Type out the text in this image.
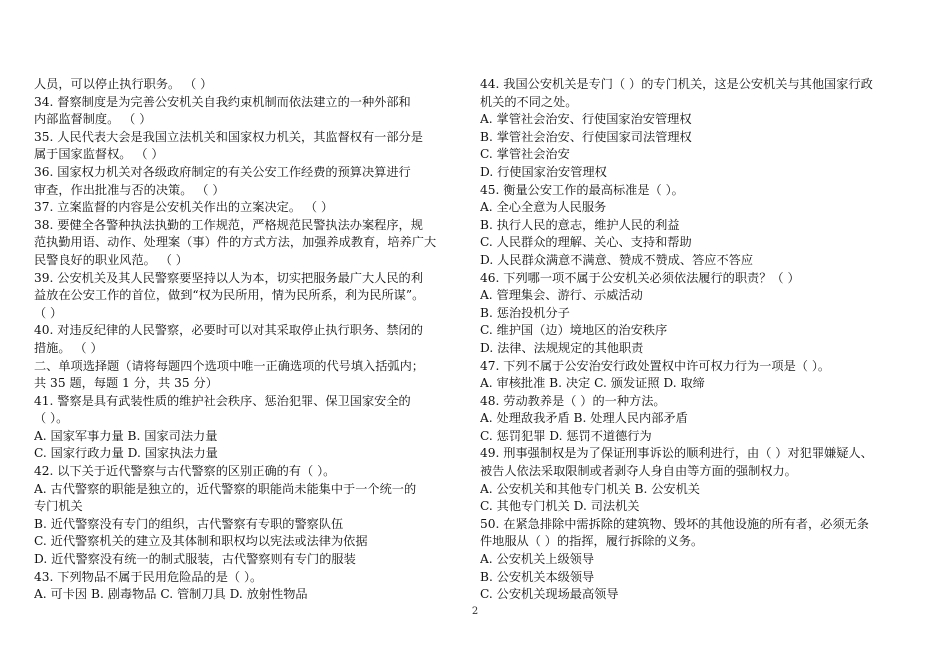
人员，可以停止执行职务。 （ ）
34. 督察制度是为完善公安机关自我约束机制而依法建立的一种外部和
内部监督制度。 （ ）
35. 人民代表大会是我国立法机关和国家权力机关，其监督权有一部分是
属于国家监督权。 （ ）
36. 国家权力机关对各级政府制定的有关公安工作经费的预算决算进行
审查，作出批准与否的决策。 （ ）
37. 立案监督的内容是公安机关作出的立案决定。 （ ）
38. 要健全各警种执法执勤的工作规范，严格规范民警执法办案程序，规
范执勤用语、动作、处理案（事）件的方式方法，加强养成教育，培养广大
民警良好的职业风范。 （ ）
39. 公安机关及其人民警察要坚持以人为本，切实把服务最广大人民的利
益放在公安工作的首位，做到“权为民所用，情为民所系，利为民所谋”。
（ ）
40. 对违反纪律的人民警察，必要时可以对其采取停止执行职务、禁闭的
措施。 （ ）
二、单项选择题（请将每题四个选项中唯一正确选项的代号填入括弧内；
共 35 题，每题 1 分，共 35 分）
41. 警察是具有武装性质的维护社会秩序、惩治犯罪、保卫国家安全的
（ ）。
A. 国家军事力量 B. 国家司法力量
C. 国家行政力量 D. 国家执法力量
42. 以下关于近代警察与古代警察的区别正确的有（ ）。
A. 古代警察的职能是独立的，近代警察的职能尚未能集中于一个统一的
专门机关
B. 近代警察没有专门的组织，古代警察有专职的警察队伍
C. 近代警察机关的建立及其体制和职权均以宪法或法律为依据
D. 近代警察没有统一的制式服装，古代警察则有专门的服装
43. 下列物品不属于民用危险品的是（ ）。
A. 可卡因 B. 剧毒物品 C. 管制刀具 D. 放射性物品
44. 我国公安机关是专门（ ）的专门机关，这是公安机关与其他国家行政
机关的不同之处。
A. 掌管社会治安、行使国家治安管理权
B. 掌管社会治安、行使国家司法管理权
C. 掌管社会治安
D. 行使国家治安管理权
45. 衡量公安工作的最高标准是（ ）。
A. 全心全意为人民服务
B. 执行人民的意志，维护人民的利益
C. 人民群众的理解、关心、支持和帮助
D. 人民群众满意不满意、赞成不赞成、答应不答应
46. 下列哪一项不属于公安机关必须依法履行的职责？（ ）
A. 管理集会、游行、示威活动
B. 惩治投机分子
C. 维护国（边）境地区的治安秩序
D. 法律、法规规定的其他职责
47. 下列不属于公安治安行政处置权中许可权力行为一项是（ ）。
A. 审核批准 B. 决定 C. 颁发证照 D. 取缔
48. 劳动教养是（ ）的一种方法。
A. 处理敌我矛盾 B. 处理人民内部矛盾
C. 惩罚犯罪 D. 惩罚不道德行为
49. 刑事强制权是为了保证刑事诉讼的顺利进行，由（ ）对犯罪嫌疑人、
被告人依法采取限制或者剥夺人身自由等方面的强制权力。
A. 公安机关和其他专门机关 B. 公安机关
C. 其他专门机关 D. 司法机关
50. 在紧急排除中需拆除的建筑物、毁坏的其他设施的所有者，必须无条
件地服从（ ）的指挥，履行拆除的义务。
A. 公安机关上级领导
B. 公安机关本级领导
C. 公安机关现场最高领导
2
